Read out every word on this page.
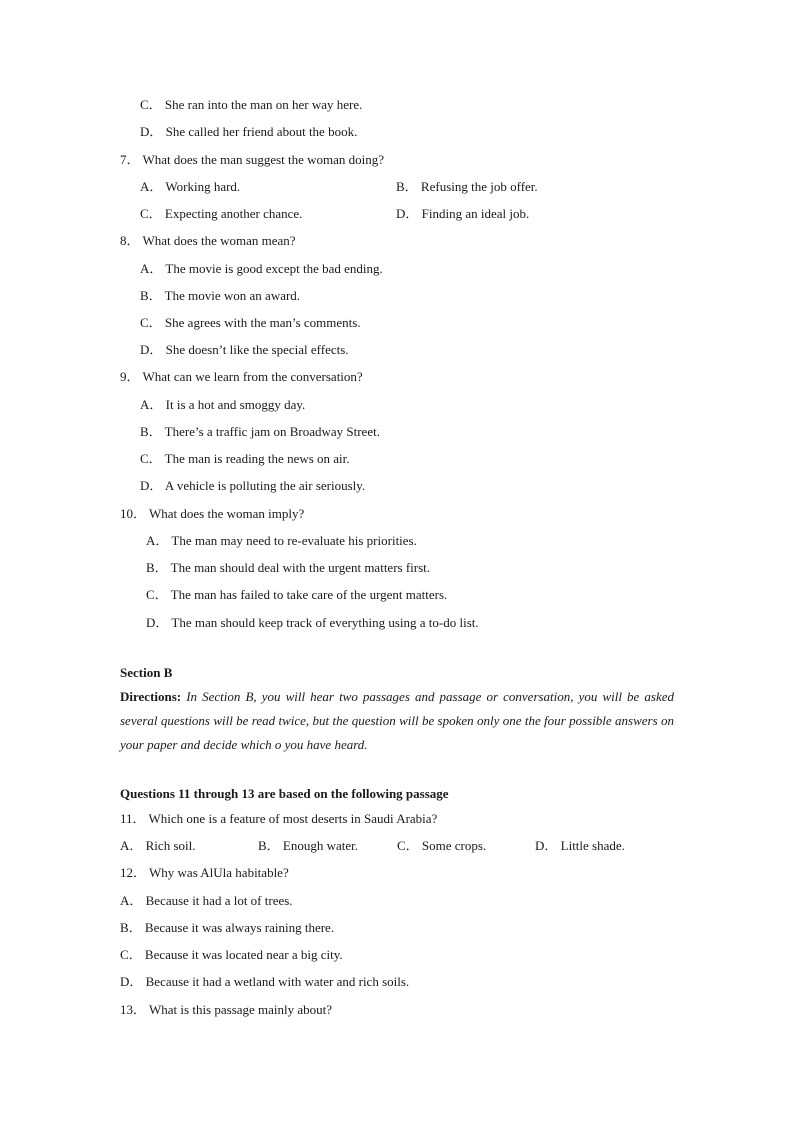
C． She ran into the man on her way here.
D． She called her friend about the book.
7． What does the man suggest the woman doing?
A． Working hard.	B． Refusing the job offer.
C． Expecting another chance.	D． Finding an ideal job.
8． What does the woman mean?
A． The movie is good except the bad ending.
B． The movie won an award.
C． She agrees with the man’s comments.
D． She doesn’t like the special effects.
9． What can we learn from the conversation?
A． It is a hot and smoggy day.
B． There’s a traffic jam on Broadway Street.
C． The man is reading the news on air.
D． A vehicle is polluting the air seriously.
10． What does the woman imply?
A． The man may need to re-evaluate his priorities.
B． The man should deal with the urgent matters first.
C． The man has failed to take care of the urgent matters.
D． The man should keep track of everything using a to-do list.
Section B
Directions: In Section B, you will hear two passages and passage or conversation, you will be asked several questions will be read twice, but the question will be spoken only one the four possible answers on your paper and decide which o you have heard.
Questions 11 through 13 are based on the following passage
11． Which one is a feature of most deserts in Saudi Arabia?
A． Rich soil.	B． Enough water.	C． Some crops.	D． Little shade.
12． Why was AlUla habitable?
A． Because it had a lot of trees.
B． Because it was always raining there.
C． Because it was located near a big city.
D． Because it had a wetland with water and rich soils.
13． What is this passage mainly about?
